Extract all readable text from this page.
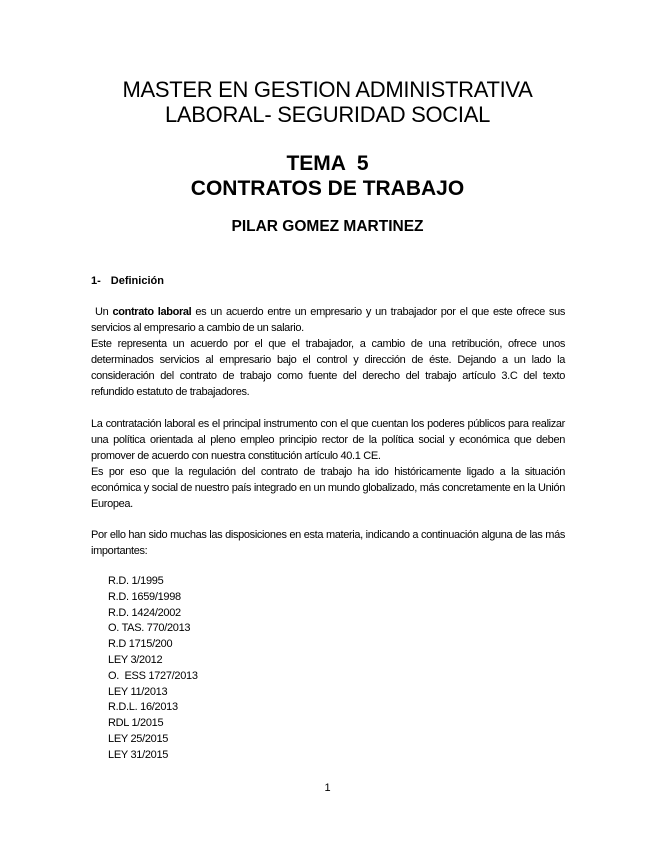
MASTER EN GESTION ADMINISTRATIVA
LABORAL- SEGURIDAD SOCIAL
TEMA  5
CONTRATOS DE TRABAJO
PILAR GOMEZ MARTINEZ
1- Definición

Un contrato laboral es un acuerdo entre un empresario y un trabajador por el que este ofrece sus servicios al empresario a cambio de un salario.

Este representa un acuerdo por el que el trabajador, a cambio de una retribución, ofrece unos determinados servicios al empresario bajo el control y dirección de éste. Dejando a un lado la consideración del contrato de trabajo como fuente del derecho del trabajo artículo 3.C del texto refundido estatuto de trabajadores.

La contratación laboral es el principal instrumento con el que cuentan los poderes públicos para realizar una política orientada al pleno empleo principio rector de la política social y económica que deben promover de acuerdo con nuestra constitución artículo 40.1 CE.

Es por eso que la regulación del contrato de trabajo ha ido históricamente ligado a la situación económica y social de nuestro país integrado en un mundo globalizado, más concretamente en la Unión Europea.

Por ello han sido muchas las disposiciones en esta materia, indicando a continuación alguna de las más importantes:

R.D. 1/1995
R.D. 1659/1998
R.D. 1424/2002
O. TAS. 770/2013
R.D 1715/200
LEY 3/2012
O.  ESS 1727/2013
LEY 11/2013
R.D.L. 16/2013
RDL 1/2015
LEY 25/2015
LEY 31/2015
1
